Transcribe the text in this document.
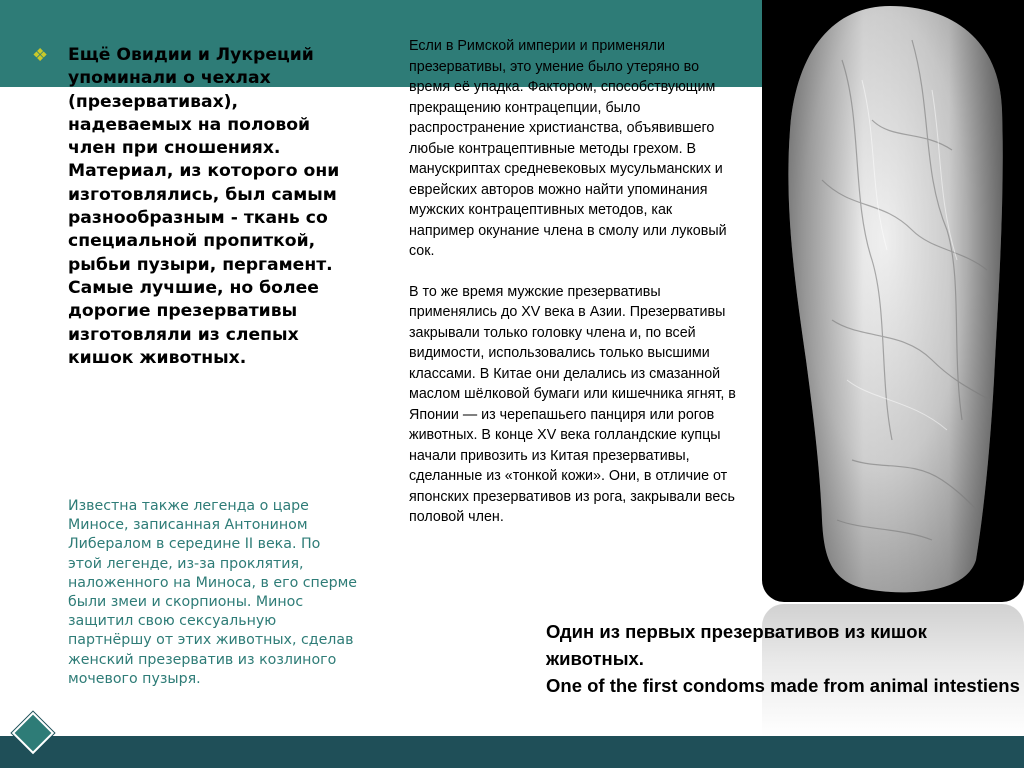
❖ Ещё Овидии и Лукреций упоминали о чехлах (презервативах), надеваемых на половой член при сношениях. Материал, из которого они изготовлялись, был самым разнообразным - ткань со специальной пропиткой, рыбьи пузыри, пергамент. Самые лучшие, но более дорогие презервативы изготовляли из слепых кишок животных.

Известна также легенда о царе Миносе, записанная Антонином Либералом в середине II века. По этой легенде, из-за проклятия, наложенного на Миноса, в его сперме были змеи и скорпионы. Минос защитил свою сексуальную партнёршу от этих животных, сделав женский презерватив из козлиного мочевого пузыря.

Если в Римской империи и применяли презервативы, это умение было утеряно во время её упадка. Фактором, способствующим прекращению контрацепции, было распространение христианства, объявившего любые контрацептивные методы грехом. В манускриптах средневековых мусульманских и еврейских авторов можно найти упоминания мужских контрацептивных методов, как например окунание члена в смолу или луковый сок.

В то же время мужские презервативы применялись до XV века в Азии. Презервативы закрывали только головку члена и, по всей видимости, использовались только высшими классами. В Китае они делались из смазанной маслом шёлковой бумаги или кишечника ягнят, в Японии — из черепашьего панциря или рогов животных. В конце XV века голландские купцы начали привозить из Китая презервативы, сделанные из «тонкой кожи». Они, в отличие от японских презервативов из рога, закрывали весь половой член.

Один из первых презервативов из кишок животных.
One of the first condoms made from animal intestiens
